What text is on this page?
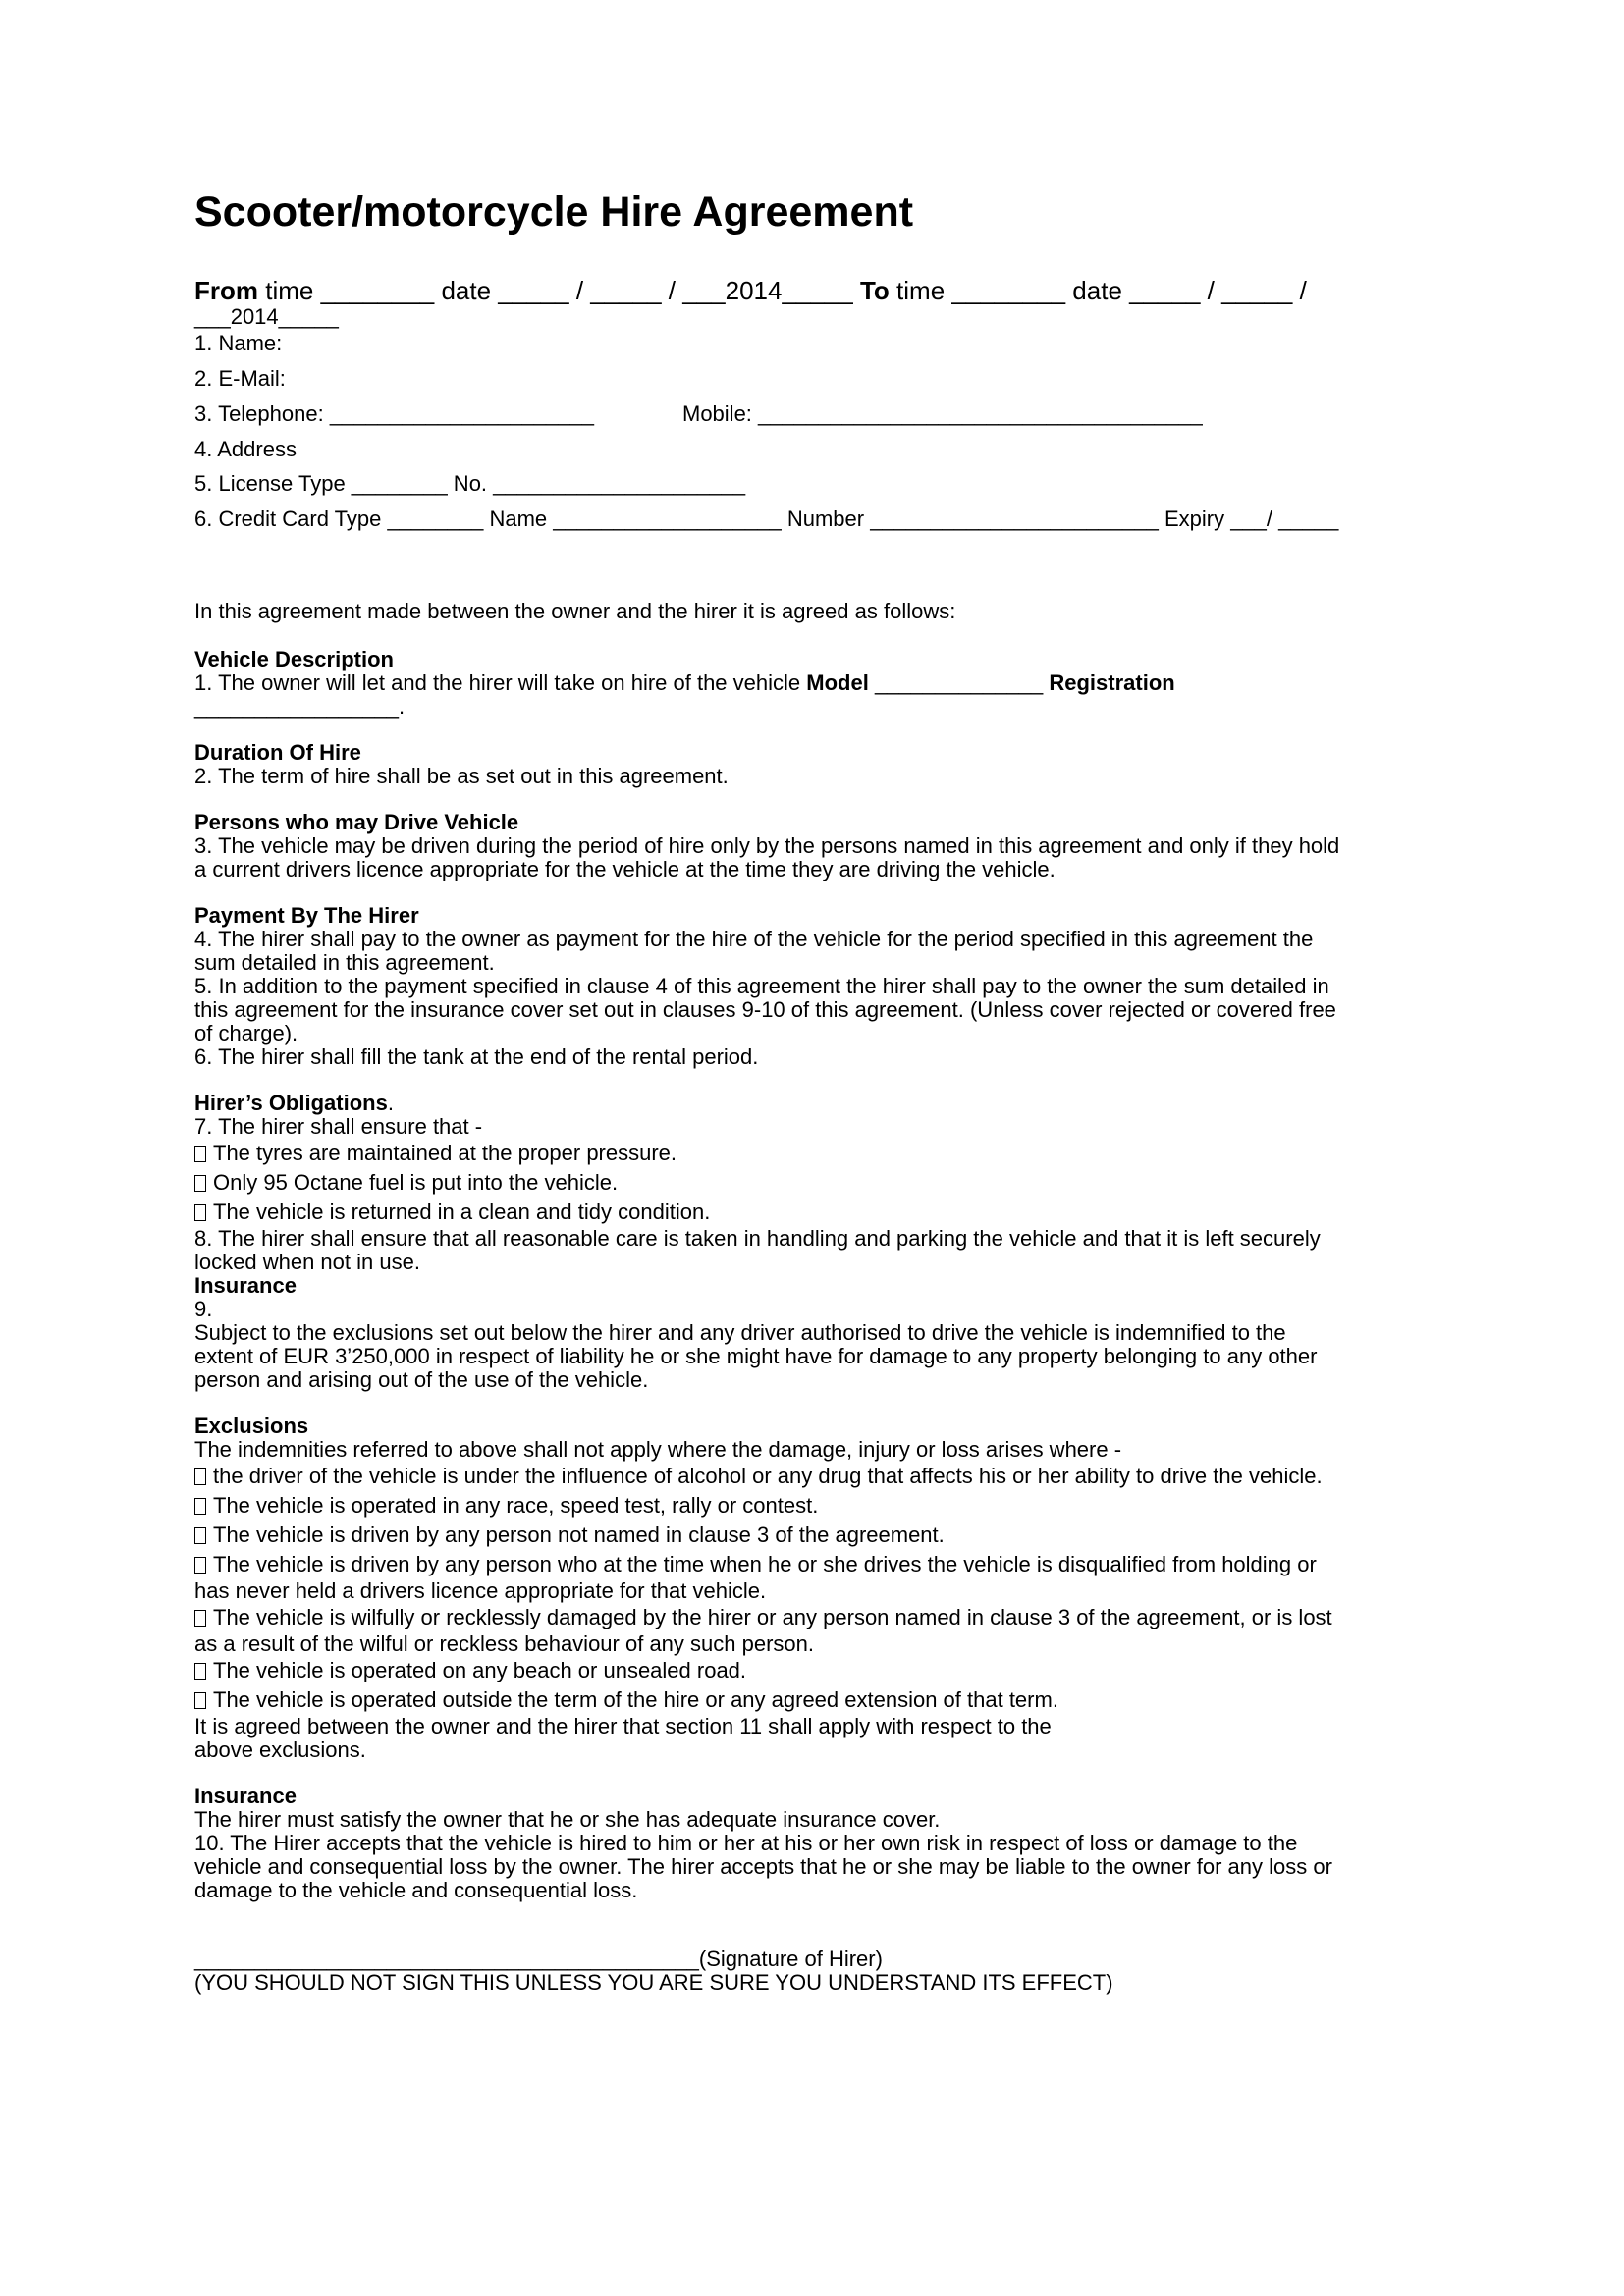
Scooter/motorcycle Hire Agreement
From time ________ date _____ / _____ / ___2014_____ To time ________ date _____ / _____ /
___2014_____
1. Name:
2. E-Mail:
3. Telephone: ______________________	Mobile: _____________________________________
4. Address
5. License Type ________ No. _____________________
6. Credit Card Type ________ Name ___________________ Number ________________________ Expiry ___/ _____
In this agreement made between the owner and the hirer it is agreed as follows:
Vehicle Description
1. The owner will let and the hirer will take on hire of the vehicle Model ______________ Registration
_________________.
Duration Of Hire
2. The term of hire shall be as set out in this agreement.
Persons who may Drive Vehicle
3. The vehicle may be driven during the period of hire only by the persons named in this agreement and only if they hold
a current drivers licence appropriate for the vehicle at the time they are driving the vehicle.
Payment By The Hirer
4. The hirer shall pay to the owner as payment for the hire of the vehicle for the period specified in this agreement the
sum detailed in this agreement.
5. In addition to the payment specified in clause 4 of this agreement the hirer shall pay to the owner the sum detailed in
this agreement for the insurance cover set out in clauses 9-10 of this agreement. (Unless cover rejected or covered free
of charge).
6. The hirer shall fill the tank at the end of the rental period.
Hirer’s Obligations.
7. The hirer shall ensure that -
The tyres are maintained at the proper pressure.
Only 95 Octane fuel is put into the vehicle.
The vehicle is returned in a clean and tidy condition.
8. The hirer shall ensure that all reasonable care is taken in handling and parking the vehicle and that it is left securely
locked when not in use.
Insurance
9.
Subject to the exclusions set out below the hirer and any driver authorised to drive the vehicle is indemnified to the
extent of EUR 3’250,000 in respect of liability he or she might have for damage to any property belonging to any other
person and arising out of the use of the vehicle.
Exclusions
The indemnities referred to above shall not apply where the damage, injury or loss arises where -
the driver of the vehicle is under the influence of alcohol or any drug that affects his or her ability to drive the vehicle.
The vehicle is operated in any race, speed test, rally or contest.
The vehicle is driven by any person not named in clause 3 of the agreement.
The vehicle is driven by any person who at the time when he or she drives the vehicle is disqualified from holding or
has never held a drivers licence appropriate for that vehicle.
The vehicle is wilfully or recklessly damaged by the hirer or any person named in clause 3 of the agreement, or is lost
as a result of the wilful or reckless behaviour of any such person.
The vehicle is operated on any beach or unsealed road.
The vehicle is operated outside the term of the hire or any agreed extension of that term.
It is agreed between the owner and the hirer that section 11 shall apply with respect to the
above exclusions.
Insurance
The hirer must satisfy the owner that he or she has adequate insurance cover.
10. The Hirer accepts that the vehicle is hired to him or her at his or her own risk in respect of loss or damage to the
vehicle and consequential loss by the owner. The hirer accepts that he or she may be liable to the owner for any loss or
damage to the vehicle and consequential loss.
__________________________________________(Signature of Hirer)
(YOU SHOULD NOT SIGN THIS UNLESS YOU ARE SURE YOU UNDERSTAND ITS EFFECT)
